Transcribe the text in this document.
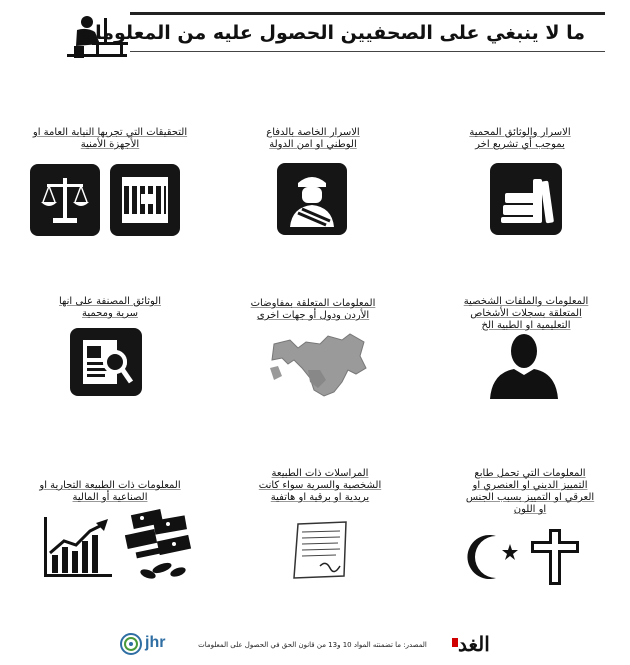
ما لا ينبغي على الصحفيين الحصول عليه من المعلومات
التحقيقات التي تجريها النيابة العامة او
الأجهزة الأمنية
الاسرار الخاصة بالدفاع
الوطني او امن الدولة
الاسرار والوثائق المحمية
بموجب أي تشريع اخر
الوثائق المصنفة على انها
سرية ومحمية
المعلومات المتعلقة بمفاوضات
الأردن ودول أو جهات اخرى
المعلومات والملفات الشخصية
المتعلقة بسجلات الأشخاص
التعليمية او الطبية الخ
المعلومات ذات الطبيعة التجارية او
الصناعية أو المالية
المراسلات ذات الطبيعة
الشخصية والسرية سواء كانت
بريدية او برقية او هاتفية
المعلومات التي تحمل طابع
التمييز الديني او العنصري او
العرقي او التمييز بسبب الجنس
او اللون
jhr	المصدر: ما تضمنته المواد 10 و13 من قانون الحق في الحصول على المعلومات	الغد
